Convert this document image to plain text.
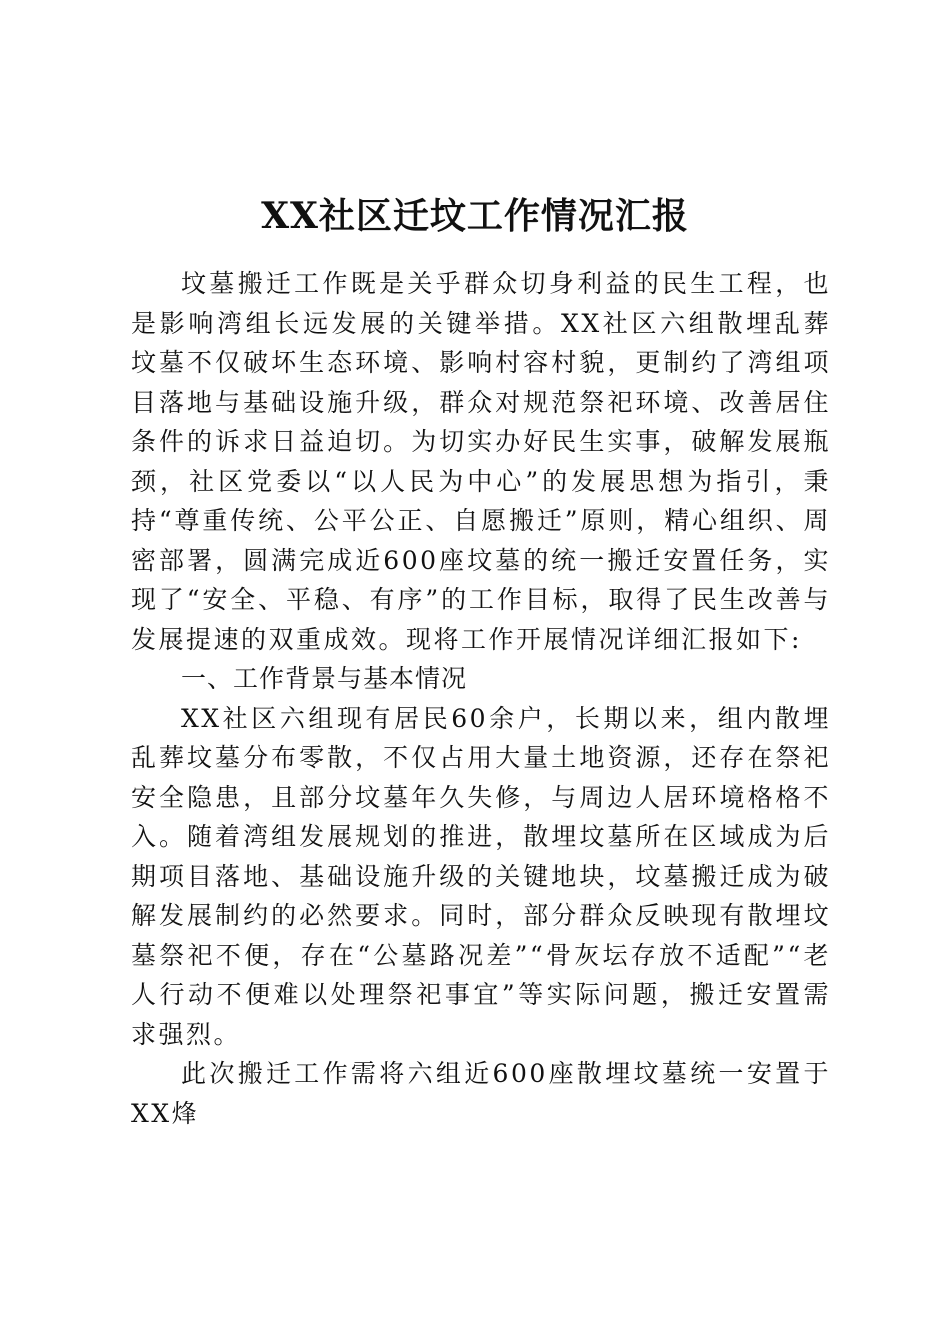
XX社区迁坟工作情况汇报

坟墓搬迁工作既是关乎群众切身利益的民生工程，也是影响湾组长远发展的关键举措。XX社区六组散埋乱葬坟墓不仅破坏生态环境、影响村容村貌，更制约了湾组项目落地与基础设施升级，群众对规范祭祀环境、改善居住条件的诉求日益迫切。为切实办好民生实事，破解发展瓶颈，社区党委以“以人民为中心”的发展思想为指引，秉持“尊重传统、公平公正、自愿搬迁”原则，精心组织、周密部署，圆满完成近600座坟墓的统一搬迁安置任务，实现了“安全、平稳、有序”的工作目标，取得了民生改善与发展提速的双重成效。现将工作开展情况详细汇报如下:

一、工作背景与基本情况

XX社区六组现有居民60余户，长期以来，组内散埋乱葬坟墓分布零散，不仅占用大量土地资源，还存在祭祀安全隐患，且部分坟墓年久失修，与周边人居环境格格不入。随着湾组发展规划的推进，散埋坟墓所在区域成为后期项目落地、基础设施升级的关键地块，坟墓搬迁成为破解发展制约的必然要求。同时，部分群众反映现有散埋坟墓祭祀不便，存在“公墓路况差”“骨灰坛存放不适配”“老人行动不便难以处理祭祀事宜”等实际问题，搬迁安置需求强烈。

此次搬迁工作需将六组近600座散埋坟墓统一安置于XX烽
